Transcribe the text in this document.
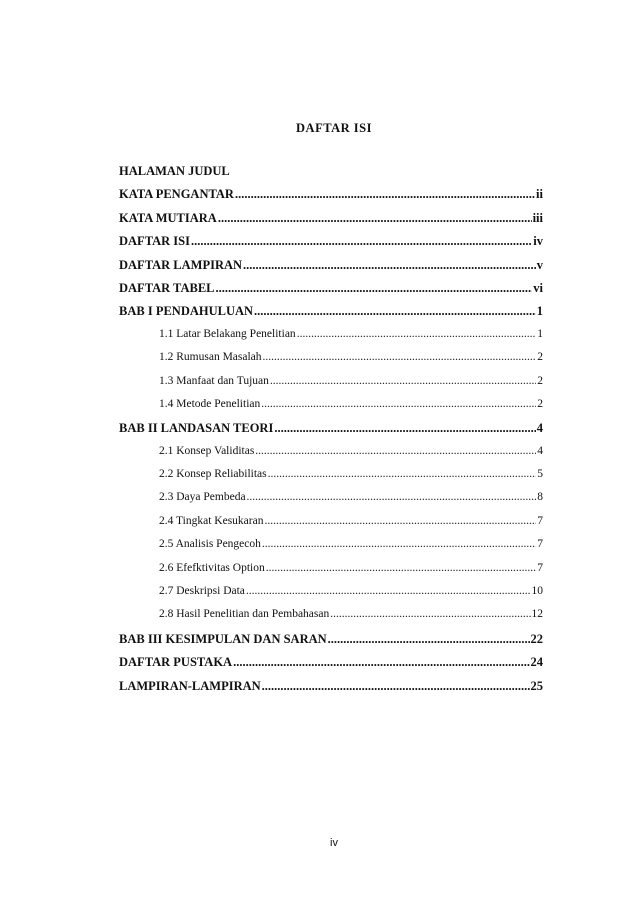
DAFTAR ISI
HALAMAN JUDUL
KATA PENGANTAR .....	ii
KATA MUTIARA .....	iii
DAFTAR ISI .....	iv
DAFTAR LAMPIRAN .....	v
DAFTAR TABEL .....	vi
BAB I PENDAHULUAN .....	1
1.1 Latar Belakang Penelitian .....	1
1.2 Rumusan Masalah .....	2
1.3 Manfaat dan Tujuan .....	2
1.4 Metode Penelitian .....	2
BAB II LANDASAN TEORI .....	4
2.1 Konsep Validitas .....	4
2.2 Konsep Reliabilitas .....	5
2.3 Daya Pembeda .....	8
2.4 Tingkat Kesukaran .....	7
2.5 Analisis Pengecoh .....	7
2.6 Efefktivitas Option .....	7
2.7 Deskripsi Data .....	10
2.8 Hasil Penelitian dan Pembahasan .....	12
BAB III KESIMPULAN DAN SARAN .....	22
DAFTAR PUSTAKA .....	24
LAMPIRAN-LAMPIRAN .....	25
iv
